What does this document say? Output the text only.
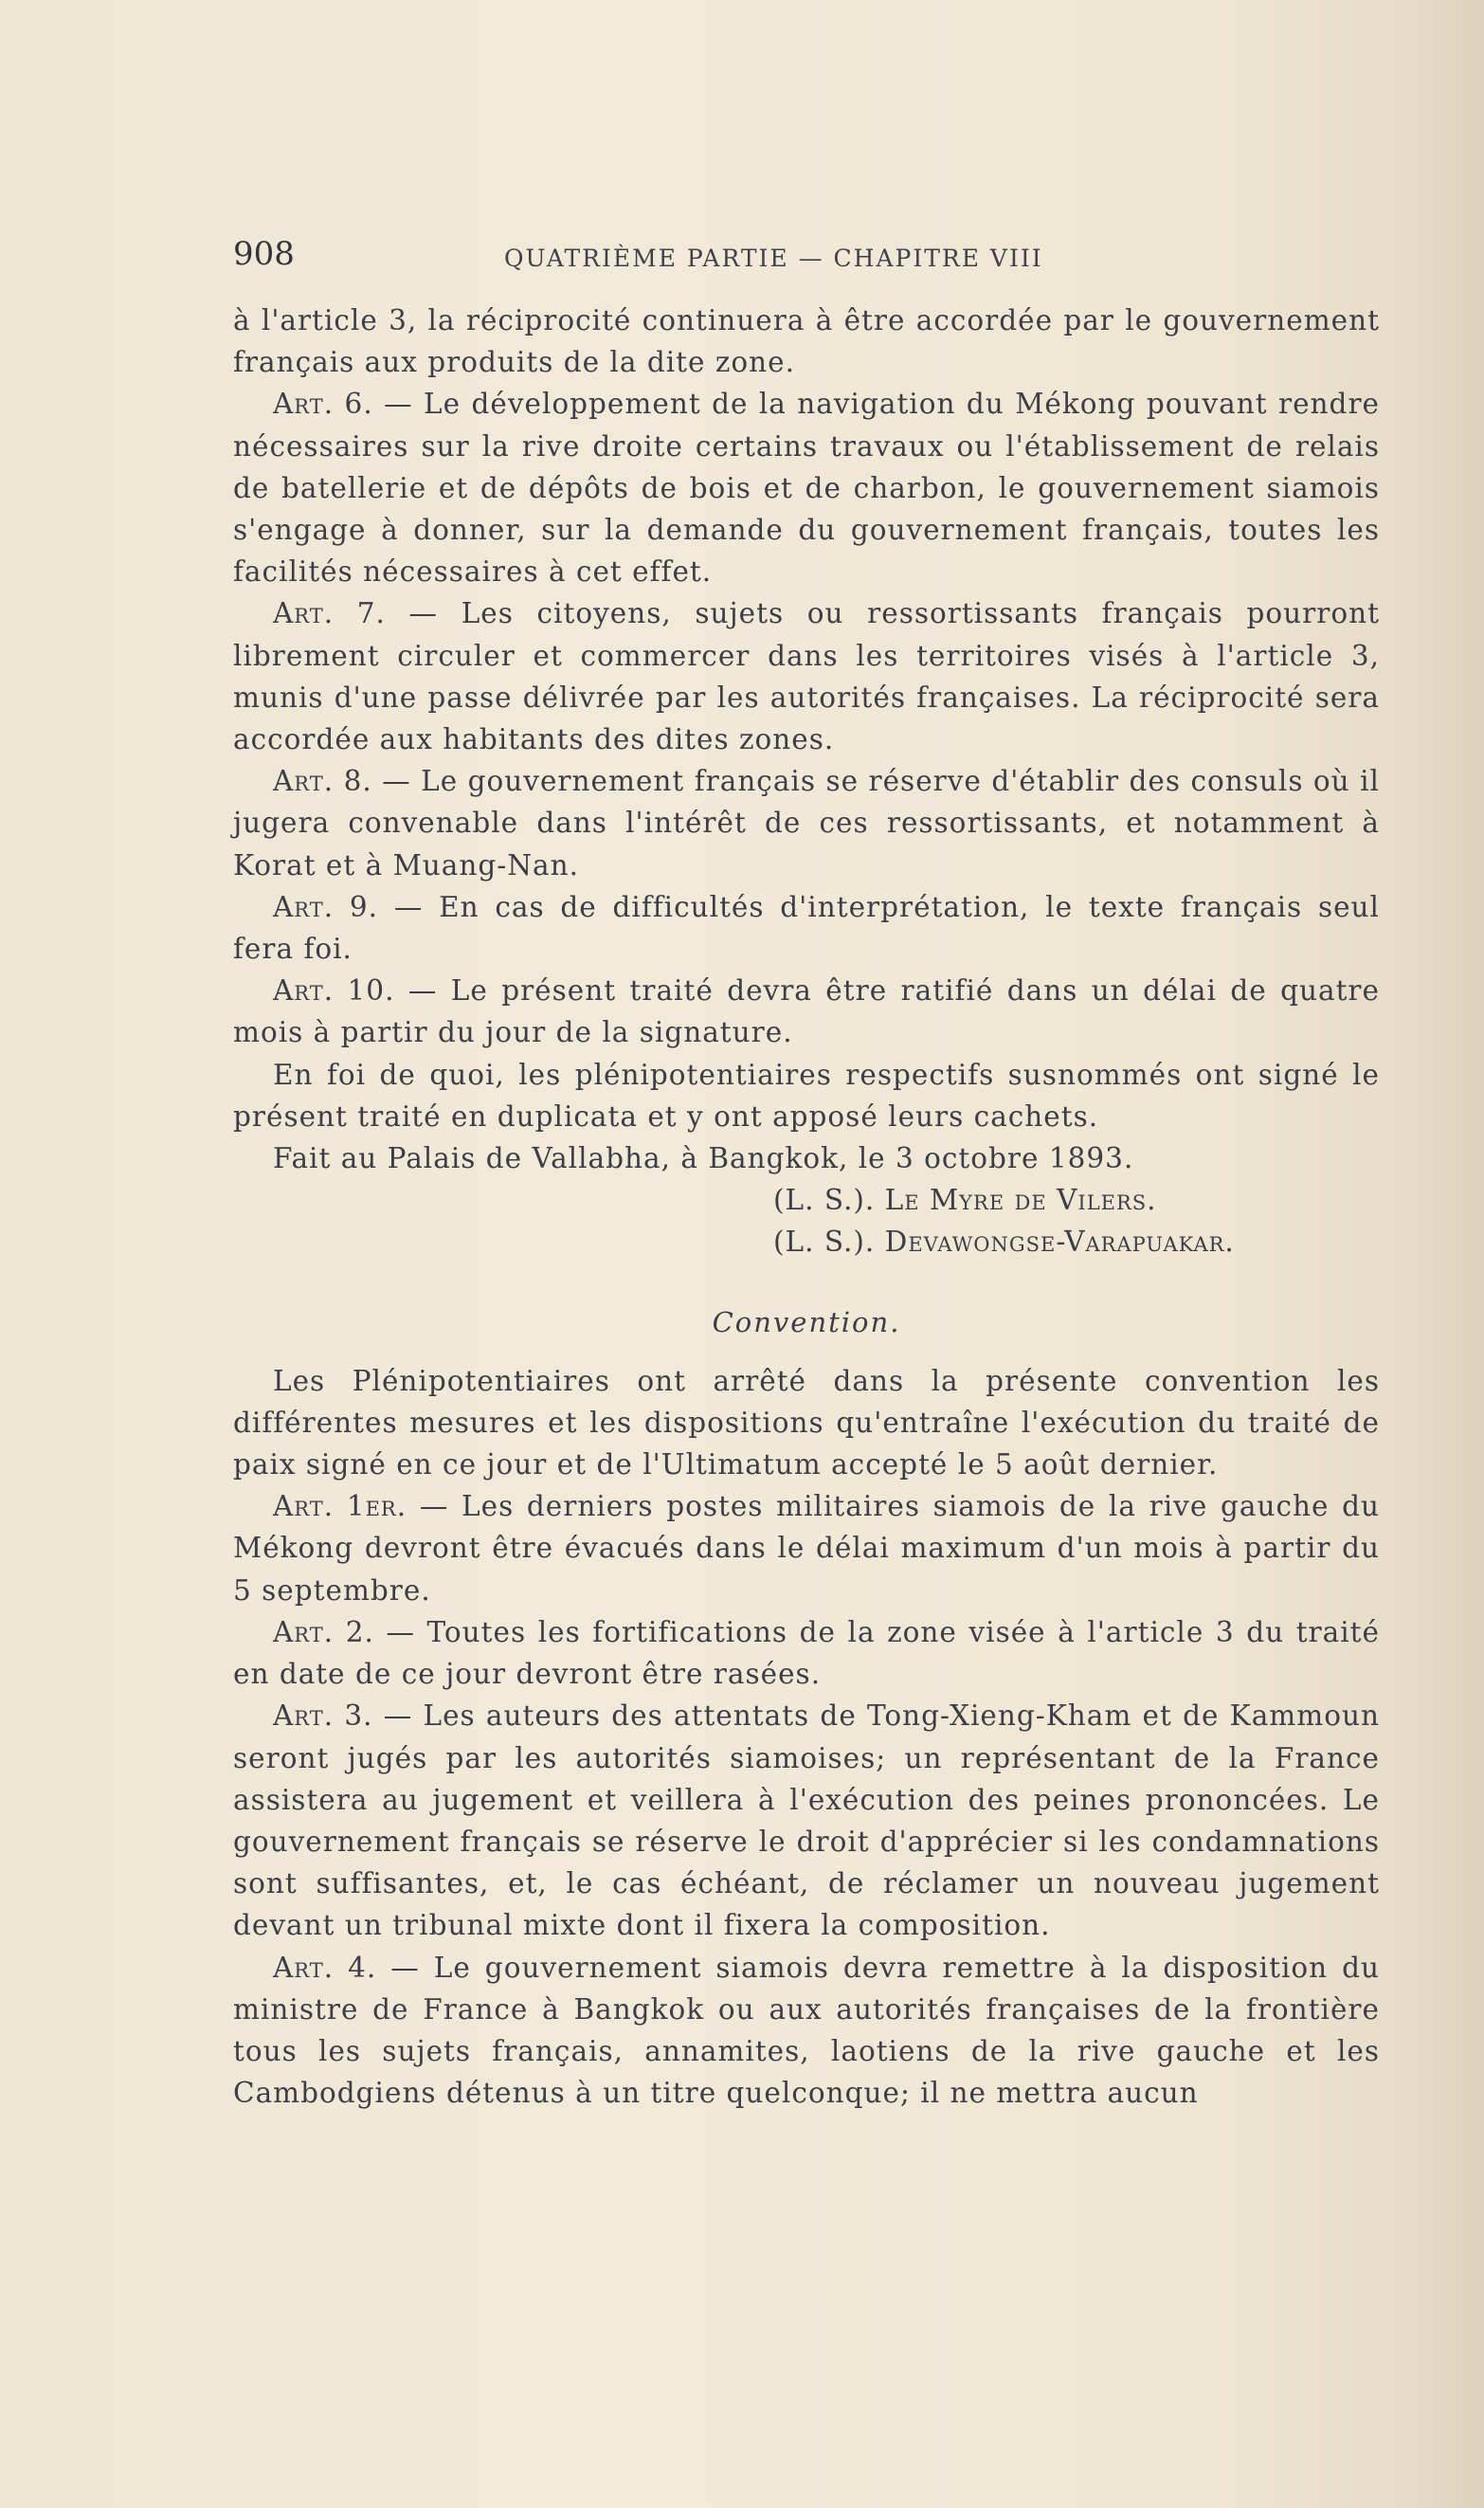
908	QUATRIÈME PARTIE — CHAPITRE VIII

à l'article 3, la réciprocité continuera à être accordée par le gouvernement français aux produits de la dite zone.

Art. 6. — Le développement de la navigation du Mékong pouvant rendre nécessaires sur la rive droite certains travaux ou l'établissement de relais de batellerie et de dépôts de bois et de charbon, le gouvernement siamois s'engage à donner, sur la demande du gouvernement français, toutes les facilités nécessaires à cet effet.

Art. 7. — Les citoyens, sujets ou ressortissants français pourront librement circuler et commercer dans les territoires visés à l'article 3, munis d'une passe délivrée par les autorités françaises. La réciprocité sera accordée aux habitants des dites zones.

Art. 8. — Le gouvernement français se réserve d'établir des consuls où il jugera convenable dans l'intérêt de ces ressortissants, et notamment à Korat et à Muang-Nan.

Art. 9. — En cas de difficultés d'interprétation, le texte français seul fera foi.

Art. 10. — Le présent traité devra être ratifié dans un délai de quatre mois à partir du jour de la signature.

En foi de quoi, les plénipotentiaires respectifs susnommés ont signé le présent traité en duplicata et y ont apposé leurs cachets.

Fait au Palais de Vallabha, à Bangkok, le 3 octobre 1893.

(L. S.). Le Myre de Vilers.

(L. S.). Devawongse-Varapuakar.

Convention.

Les Plénipotentiaires ont arrêté dans la présente convention les différentes mesures et les dispositions qu'entraîne l'exécution du traité de paix signé en ce jour et de l'Ultimatum accepté le 5 août dernier.

Art. 1er. — Les derniers postes militaires siamois de la rive gauche du Mékong devront être évacués dans le délai maximum d'un mois à partir du 5 septembre.

Art. 2. — Toutes les fortifications de la zone visée à l'article 3 du traité en date de ce jour devront être rasées.

Art. 3. — Les auteurs des attentats de Tong-Xieng-Kham et de Kammoun seront jugés par les autorités siamoises; un représentant de la France assistera au jugement et veillera à l'exécution des peines prononcées. Le gouvernement français se réserve le droit d'apprécier si les condamnations sont suffisantes, et, le cas échéant, de réclamer un nouveau jugement devant un tribunal mixte dont il fixera la composition.

Art. 4. — Le gouvernement siamois devra remettre à la disposition du ministre de France à Bangkok ou aux autorités françaises de la frontière tous les sujets français, annamites, laotiens de la rive gauche et les Cambodgiens détenus à un titre quelconque; il ne mettra aucun
